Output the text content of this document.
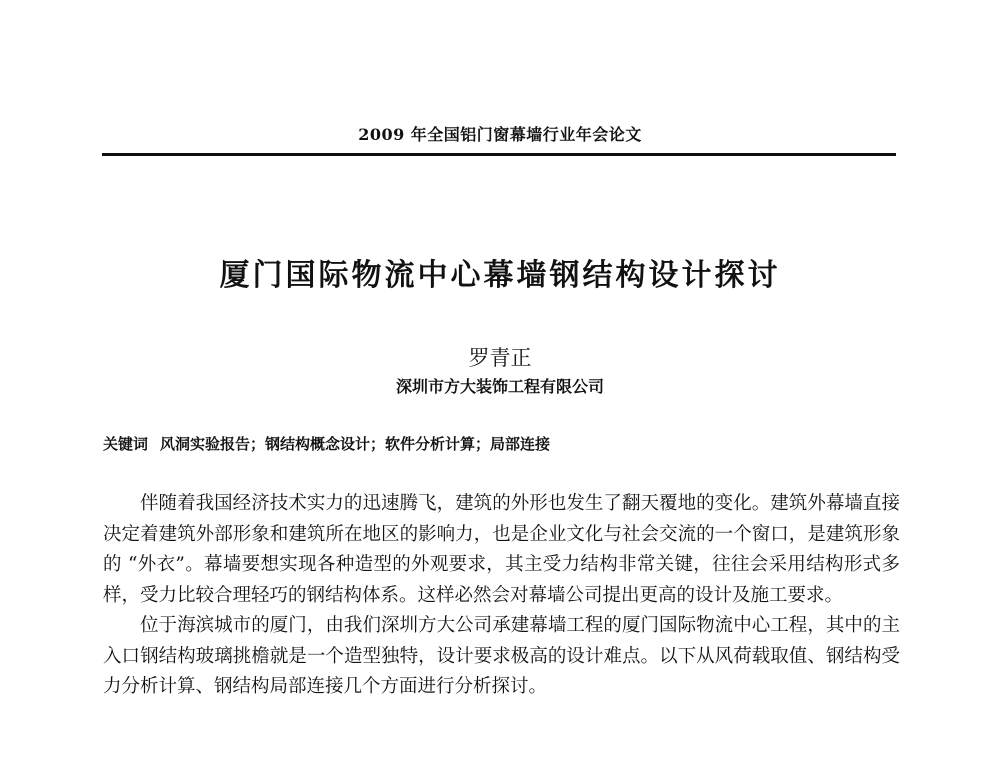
2009 年全国铝门窗幕墙行业年会论文
厦门国际物流中心幕墙钢结构设计探讨
罗青正
深圳市方大装饰工程有限公司
关键词 风洞实验报告；钢结构概念设计；软件分析计算；局部连接

伴随着我国经济技术实力的迅速腾飞，建筑的外形也发生了翻天覆地的变化。建筑外幕墙直接决定着建筑外部形象和建筑所在地区的影响力，也是企业文化与社会交流的一个窗口，是建筑形象的 “外衣”。幕墙要想实现各种造型的外观要求，其主受力结构非常关键，往往会采用结构形式多样，受力比较合理轻巧的钢结构体系。这样必然会对幕墙公司提出更高的设计及施工要求。

位于海滨城市的厦门，由我们深圳方大公司承建幕墙工程的厦门国际物流中心工程，其中的主入口钢结构玻璃挑檐就是一个造型独特，设计要求极高的设计难点。以下从风荷载取值、钢结构受力分析计算、钢结构局部连接几个方面进行分析探讨。
